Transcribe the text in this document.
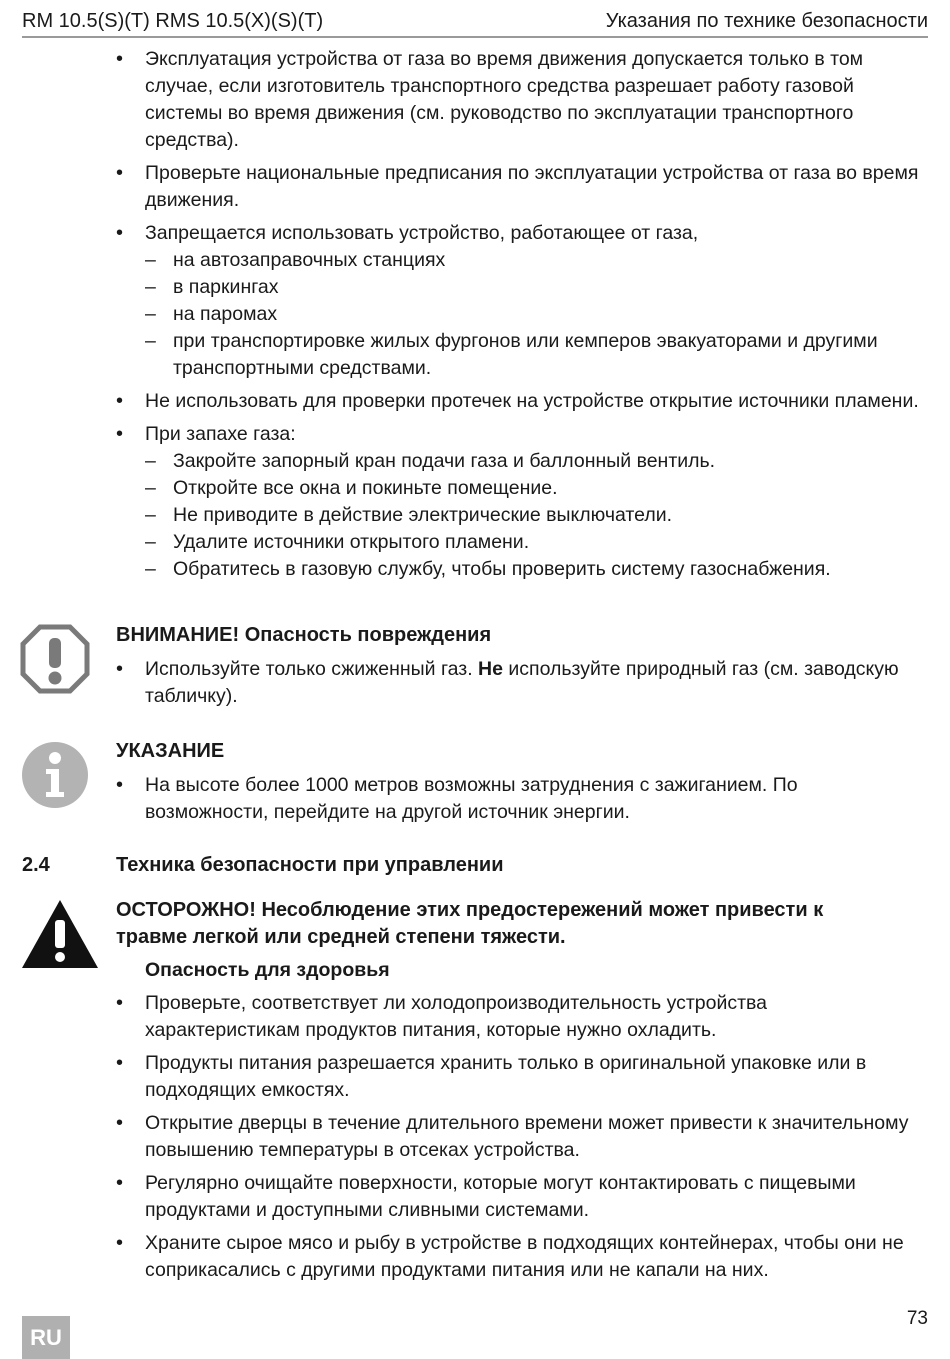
RM 10.5(S)(T) RMS 10.5(X)(S)(T)	Указания по технике безопасности
• Эксплуатация устройства от газа во время движения допускается только в том случае, если изготовитель транспортного средства разрешает работу газовой системы во время движения (см. руководство по эксплуатации транспортного средства).
• Проверьте национальные предписания по эксплуатации устройства от газа во время движения.
• Запрещается использовать устройство, работающее от газа,
– на автозаправочных станциях
– в паркингах
– на паромах
– при транспортировке жилых фургонов или кемперов эвакуаторами и другими транспортными средствами.
• Не использовать для проверки протечек на устройстве открытие источники пламени.
• При запахе газа:
– Закройте запорный кран подачи газа и баллонный вентиль.
– Откройте все окна и покиньте помещение.
– Не приводите в действие электрические выключатели.
– Удалите источники открытого пламени.
– Обратитесь в газовую службу, чтобы проверить систему газоснабжения.
ВНИМАНИЕ! Опасность повреждения
• Используйте только сжиженный газ. Не используйте природный газ (см. заводскую табличку).
УКАЗАНИЕ
• На высоте более 1000 метров возможны затруднения с зажиганием. По возможности, перейдите на другой источник энергии.
2.4	Техника безопасности при управлении
ОСТОРОЖНО! Несоблюдение этих предостережений может привести к травме легкой или средней степени тяжести.
Опасность для здоровья
• Проверьте, соответствует ли холодопроизводительность устройства характеристикам продуктов питания, которые нужно охладить.
• Продукты питания разрешается хранить только в оригинальной упаковке или в подходящих емкостях.
• Открытие дверцы в течение длительного времени может привести к значительному повышению температуры в отсеках устройства.
• Регулярно очищайте поверхности, которые могут контактировать с пищевыми продуктами и доступными сливными системами.
• Храните сырое мясо и рыбу в устройстве в подходящих контейнерах, чтобы они не соприкасались с другими продуктами питания или не капали на них.
RU
73
